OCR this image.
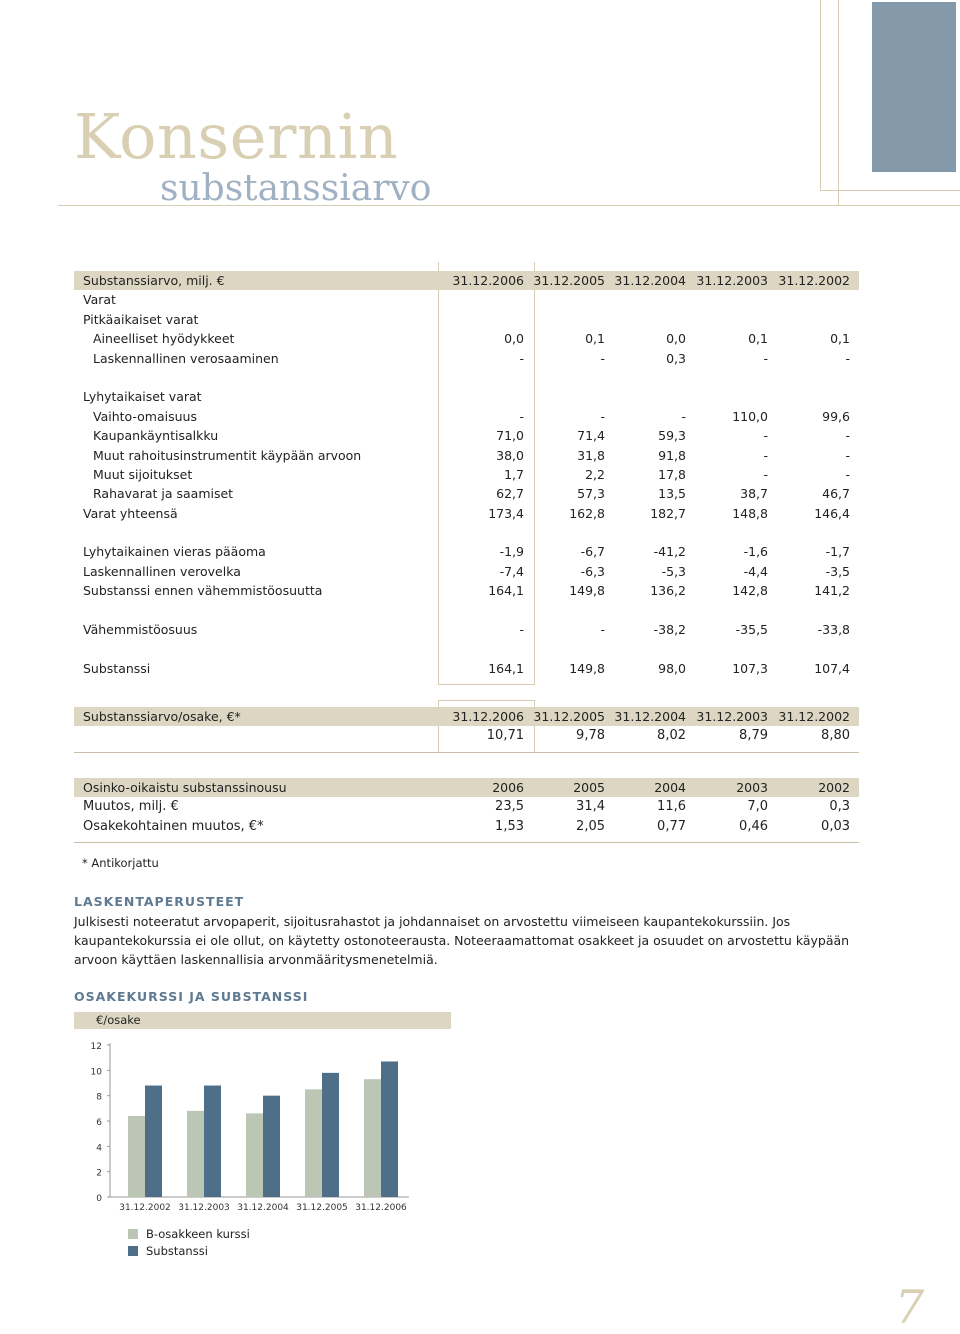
Konsernin
substanssiarvo
Substanssiarvo, milj. €	31.12.2006 31.12.2005 31.12.2004 31.12.2003 31.12.2002
Varat
Pitkäaikaiset varat
Aineelliset hyödykkeet	0,0	0,1	0,0	0,1	0,1
Laskennallinen verosaaminen	-	-	0,3	-	-
Lyhytaikaiset varat
Vaihto-omaisuus	-	-	-	110,0	99,6
Kaupankäyntisalkku	71,0	71,4	59,3	-	-
Muut rahoitusinstrumentit käypään arvoon	38,0	31,8	91,8	-	-
Muut sijoitukset	1,7	2,2	17,8	-	-
Rahavarat ja saamiset	62,7	57,3	13,5	38,7	46,7
Varat yhteensä	173,4	162,8	182,7	148,8	146,4
Lyhytaikainen vieras pääoma	-1,9	-6,7	-41,2	-1,6	-1,7
Laskennallinen verovelka	-7,4	-6,3	-5,3	-4,4	-3,5
Substanssi ennen vähemmistöosuutta	164,1	149,8	136,2	142,8	141,2
Vähemmistöosuus	-	-	-38,2	-35,5	-33,8
Substanssi	164,1	149,8	98,0	107,3	107,4
Substanssiarvo/osake, €*	31.12.2006 31.12.2005 31.12.2004 31.12.2003 31.12.2002
10,71	9,78	8,02	8,79	8,80
Osinko-oikaistu substanssinousu	2006	2005	2004	2003	2002
Muutos, milj. €	23,5	31,4	11,6	7,0	0,3
Osakekohtainen muutos, €*	1,53	2,05	0,77	0,46	0,03
* Antikorjattu
LASKENTAPERUSTEET
Julkisesti noteeratut arvopaperit, sijoitusrahastot ja johdannaiset on arvostettu viimeiseen kaupantekokurssiin. Jos kaupantekokurssia ei ole ollut, on käytetty ostonoteerausta. Noteeraamattomat osakkeet ja osuudet on arvostettu käypään arvoon käyttäen laskennallisia arvonmääritysmenetelmiä.
OSAKEKURSSI JA SUBSTANSSI
€/osake
0
2
4
6
8
10
12
31.12.2002 31.12.2003 31.12.2004 31.12.2005 31.12.2006
B-osakkeen kurssi
Substanssi
7
